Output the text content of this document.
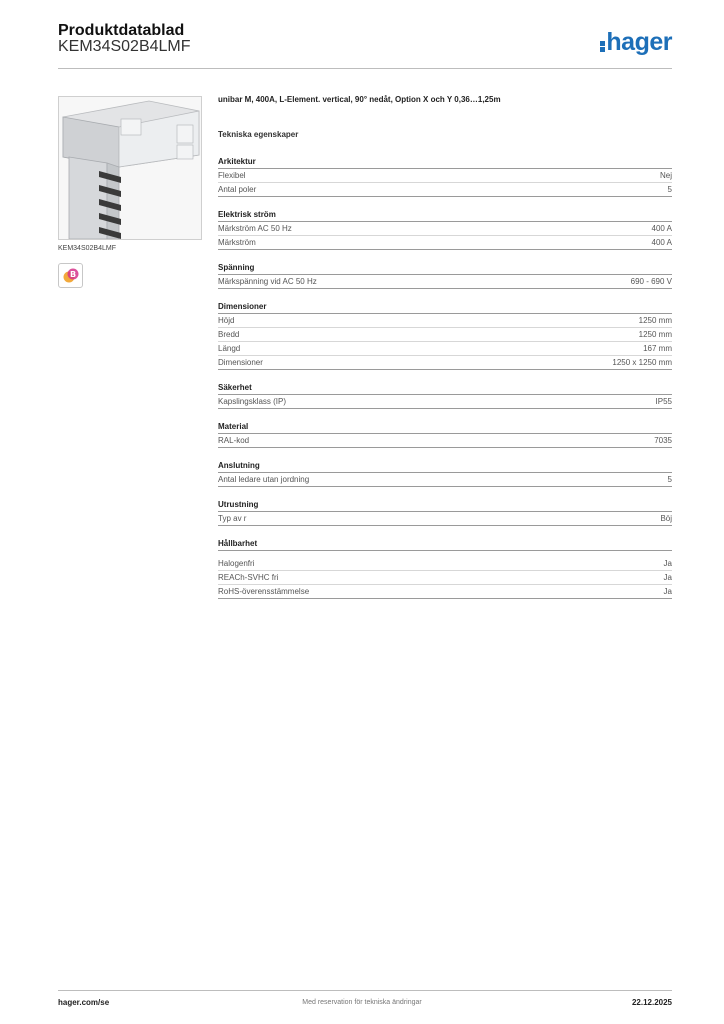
Produktdatablad
KEM34S02B4LMF	hager
KEM34S02B4LMF
B
unibar M, 400A, L-Element. vertical, 90° nedåt, Option X och Y 0,36…1,25m
Tekniska egenskaper
Arkitektur
Flexibel	Nej
Antal poler	5
Elektrisk ström
Märkström AC 50 Hz	400 A
Märkström	400 A
Spänning
Märkspänning vid AC 50 Hz	690 - 690 V
Dimensioner
Höjd	1250 mm
Bredd	1250 mm
Längd	167 mm
Dimensioner	1250 x 1250 mm
Säkerhet
Kapslingsklass (IP)	IP55
Material
RAL-kod	7035
Anslutning
Antal ledare utan jordning	5
Utrustning
Typ av r	Böj
Hållbarhet
Halogenfri	Ja
REACh-SVHC fri	Ja
RoHS-överensstämmelse	Ja
hager.com/se	Med reservation för tekniska ändringar	22.12.2025
